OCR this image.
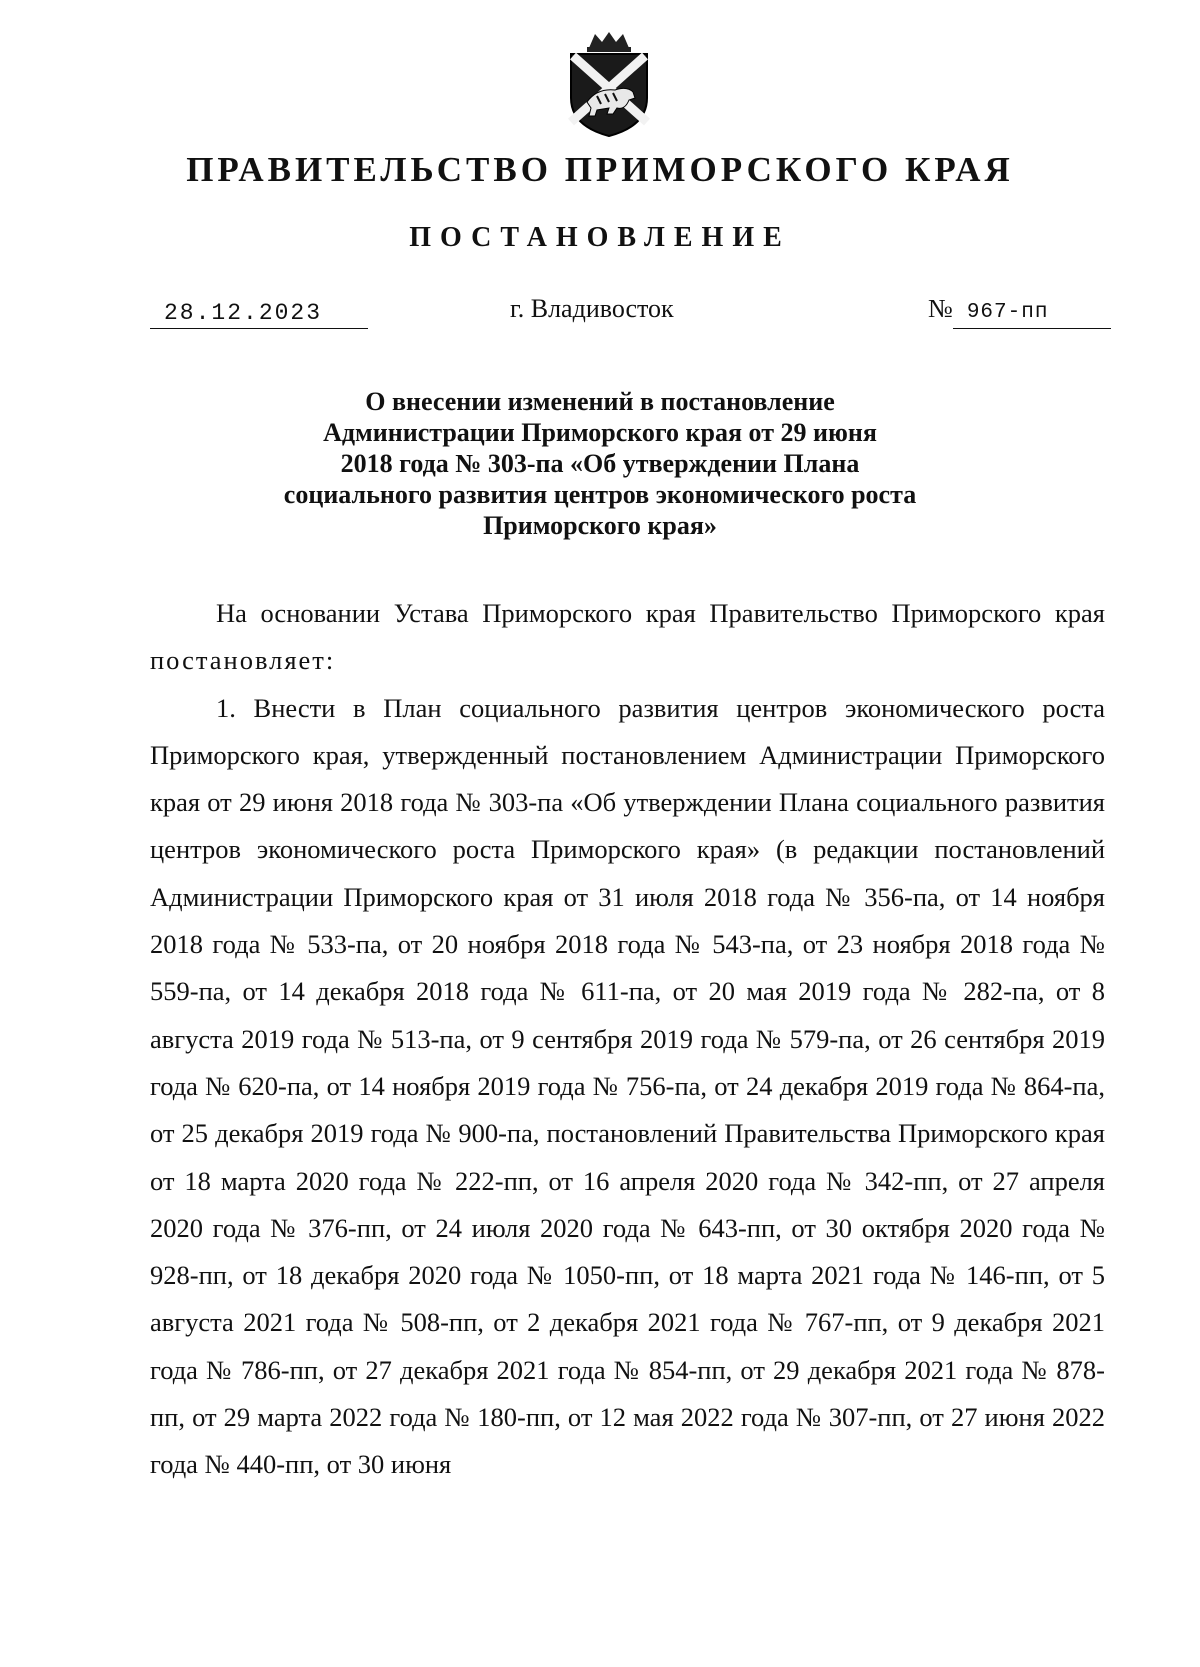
ПРАВИТЕЛЬСТВО ПРИМОРСКОГО КРАЯ
ПОСТАНОВЛЕНИЕ
28.12.2023	г. Владивосток	№ 967-пп
О внесении изменений в постановление
Администрации Приморского края от 29 июня
2018 года № 303-па «Об утверждении Плана
социального развития центров экономического роста
Приморского края»

На основании Устава Приморского края Правительство Приморского края постановляет:

1. Внести в План социального развития центров экономического роста Приморского края, утвержденный постановлением Администрации Приморского края от 29 июня 2018 года № 303-па «Об утверждении Плана социального развития центров экономического роста Приморского края» (в редакции постановлений Администрации Приморского края от 31 июля 2018 года № 356-па, от 14 ноября 2018 года № 533-па, от 20 ноября 2018 года № 543-па, от 23 ноября 2018 года № 559-па, от 14 декабря 2018 года № 611-па, от 20 мая 2019 года № 282-па, от 8 августа 2019 года № 513-па, от 9 сентября 2019 года № 579-па, от 26 сентября 2019 года № 620-па, от 14 ноября 2019 года № 756-па, от 24 декабря 2019 года № 864-па, от 25 декабря 2019 года № 900-па, постановлений Правительства Приморского края от 18 марта 2020 года № 222-пп, от 16 апреля 2020 года № 342-пп, от 27 апреля 2020 года № 376-пп, от 24 июля 2020 года № 643-пп, от 30 октября 2020 года № 928-пп, от 18 декабря 2020 года № 1050-пп, от 18 марта 2021 года № 146-пп, от 5 августа 2021 года № 508-пп, от 2 декабря 2021 года № 767-пп, от 9 декабря 2021 года № 786-пп, от 27 декабря 2021 года № 854-пп, от 29 декабря 2021 года № 878-пп, от 29 марта 2022 года № 180-пп, от 12 мая 2022 года № 307-пп, от 27 июня 2022 года № 440-пп, от 30 июня
